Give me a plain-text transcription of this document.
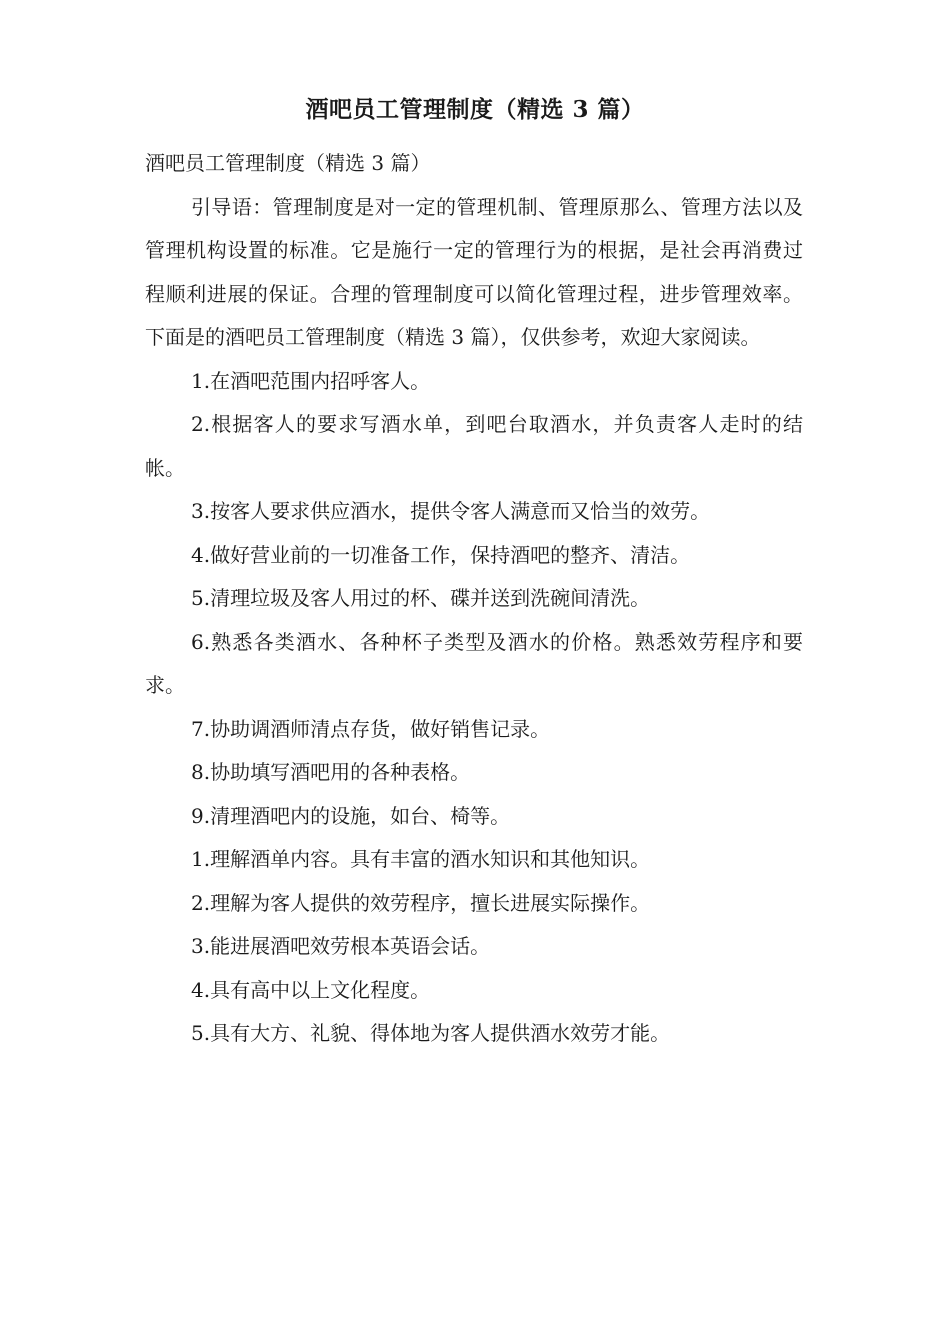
酒吧员工管理制度（精选 3 篇）

酒吧员工管理制度（精选 3 篇）

引导语：管理制度是对一定的管理机制、管理原那么、管理方法以及管理机构设置的标准。它是施行一定的管理行为的根据，是社会再消费过程顺利进展的保证。合理的管理制度可以简化管理过程，进步管理效率。下面是的酒吧员工管理制度（精选 3 篇），仅供参考，欢迎大家阅读。

1.在酒吧范围内招呼客人。

2.根据客人的要求写酒水单，到吧台取酒水，并负责客人走时的结帐。

3.按客人要求供应酒水，提供令客人满意而又恰当的效劳。

4.做好营业前的一切准备工作，保持酒吧的整齐、清洁。

5.清理垃圾及客人用过的杯、碟并送到洗碗间清洗。

6.熟悉各类酒水、各种杯子类型及酒水的价格。熟悉效劳程序和要求。

7.协助调酒师清点存货，做好销售记录。

8.协助填写酒吧用的各种表格。

9.清理酒吧内的设施，如台、椅等。

1.理解酒单内容。具有丰富的酒水知识和其他知识。

2.理解为客人提供的效劳程序，擅长进展实际操作。

3.能进展酒吧效劳根本英语会话。

4.具有高中以上文化程度。

5.具有大方、礼貌、得体地为客人提供酒水效劳才能。
